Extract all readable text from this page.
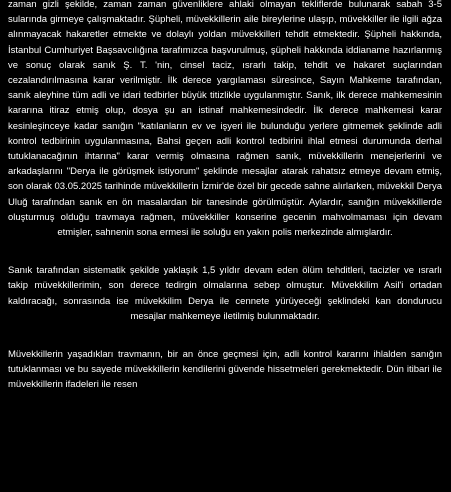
zaman gizli şekilde, zaman zaman güvenliklere ahlaki olmayan tekliflerde bulunarak sabah 3-5 sularında girmeye çalışmaktadır. Şüpheli, müvekkillerin aile bireylerine ulaşıp, müvekkiller ile ilgili ağza alınmayacak hakaretler etmekte ve dolaylı yoldan müvekkilleri tehdit etmektedir. Şüpheli hakkında, İstanbul Cumhuriyet Başsavcılığına tarafımızca başvurulmuş, şüpheli hakkında iddianame hazırlanmış ve sonuç olarak sanık Ş. T. 'nin, cinsel taciz, ısrarlı takip, tehdit ve hakaret suçlarından cezalandırılmasına karar verilmiştir. İlk derece yargılaması süresince, Sayın Mahkeme tarafından, sanık aleyhine tüm adli ve idari tedbirler büyük titizlikle uygulanmıştır. Sanık, ilk derece mahkemesinin kararına itiraz etmiş olup, dosya şu an istinaf mahkemesindedir. İlk derece mahkemesi karar kesinleşinceye kadar sanığın "katılanların ev ve işyeri ile bulunduğu yerlere gitmemek şeklinde adli kontrol tedbirinin uygulanmasına, Bahsi geçen adli kontrol tedbirini ihlal etmesi durumunda derhal tutuklanacağının ihtarına" karar vermiş olmasına rağmen sanık, müvekkillerin menejerlerini ve arkadaşlarını "Derya ile görüşmek istiyorum" şeklinde mesajlar atarak rahatsız etmeye devam etmiş, son olarak 03.05.2025 tarihinde müvekkillerin İzmir'de özel bir gecede sahne alırlarken, müvekkil Derya Uluğ tarafından sanık en ön masalardan bir tanesinde görülmüştür. Aylardır, sanığın müvekkillerde oluşturmuş olduğu travmaya rağmen, müvekkiller konserine gecenin mahvolmaması için devam etmişler, sahnenin sona ermesi ile soluğu en yakın polis merkezinde almışlardır.

Sanık tarafından sistematik şekilde yaklaşık 1,5 yıldır devam eden ölüm tehditleri, tacizler ve ısrarlı takip müvekkillerimin, son derece tedirgin olmalarına sebep olmuştur. Müvekkilim Asil'i ortadan kaldıracağı, sonrasında ise müvekkilim Derya ile cennete yürüyeceği şeklindeki kan dondurucu mesajlar mahkemeye iletilmiş bulunmaktadır.

Müvekkillerin yaşadıkları travmanın, bir an önce geçmesi için, adli kontrol kararını ihlalden sanığın tutuklanması ve bu sayede müvekkillerin kendilerini güvende hissetmeleri gerekmektedir. Dün itibari ile müvekkillerin ifadeleri ile resen
